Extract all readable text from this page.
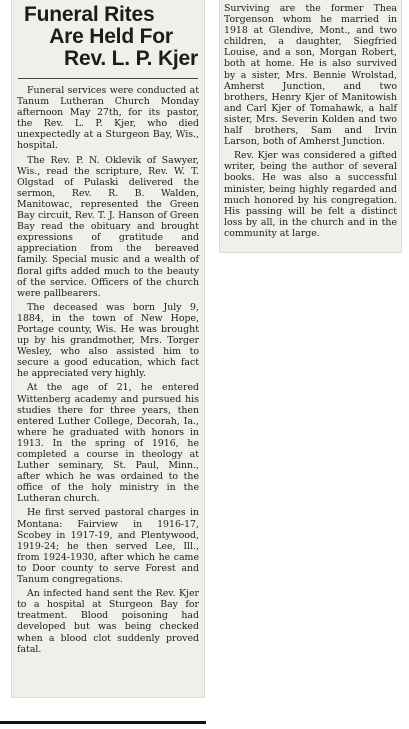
Funeral Rites
Are Held For
Rev. L. P. Kjer

Funeral services were conducted at Tanum Lutheran Church Monday afternoon May 27th, for its pastor, the Rev. L. P. Kjer, who died unexpectedly at a Sturgeon Bay, Wis., hospital.

The Rev. P. N. Oklevik of Sawyer, Wis., read the scripture, Rev. W. T. Olgstad of Pulaski delivered the sermon, Rev. R. B. Walden, Manitowac, represented the Green Bay circuit, Rev. T. J. Hanson of Green Bay read the obituary and brought expressions of gratitude and appreciation from the bereaved family. Special music and a wealth of floral gifts added much to the beauty of the service. Officers of the church were pallbearers.

The deceased was born July 9, 1884, in the town of New Hope, Portage county, Wis. He was brought up by his grandmother, Mrs. Torger Wesley, who also assisted him to secure a good education, which fact he appreciated very highly.

At the age of 21, he entered Wittenberg academy and pursued his studies there for three years, then entered Luther College, Decorah, Ia., where he graduated with honors in 1913. In the spring of 1916, he completed a course in theology at Luther seminary, St. Paul, Minn., after which he was ordained to the office of the holy ministry in the Lutheran church.

He first served pastoral charges in Montana: Fairview in 1916-17, Scobey in 1917-19, and Plentywood, 1919-24; he then served Lee, Ill., from 1924-1930, after which he came to Door county to serve Forest and Tanum congregations.

An infected hand sent the Rev. Kjer to a hospital at Sturgeon Bay for treatment. Blood poisoning had developed but was being checked when a blood clot suddenly proved fatal.

Surviving are the former Thea Torgenson whom he married in 1918 at Glendive, Mont., and two children, a daughter, Siegfried Louise, and a son, Morgan Robert, both at home. He is also survived by a sister, Mrs. Bennie Wrolstad, Amherst Junction, and two brothers, Henry Kjer of Manitowish and Carl Kjer of Tomahawk, a half sister, Mrs. Severin Kolden and two half brothers, Sam and Irvin Larson, both of Amherst Junction.

Rev. Kjer was considered a gifted writer, being the author of several books. He was also a successful minister, being highly regarded and much honored by his congregation. His passing will be felt a distinct loss by all, in the church and in the community at large.
